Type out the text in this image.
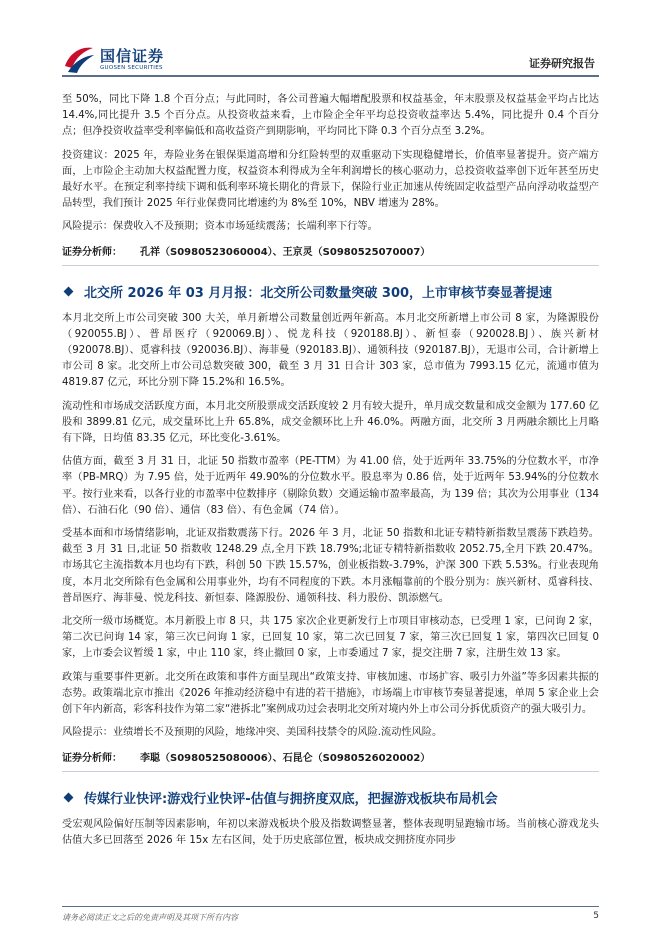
国信证券
GUOSEN SECURITIES	证券研究报告

至 50%，同比下降 1.8 个百分点；与此同时，各公司普遍大幅增配股票和权益基金，年末股票及权益基金平均占比达 14.4%,同比提升 3.5 个百分点。从投资收益来看，上市险企全年平均总投资收益率达 5.4%，同比提升 0.4 个百分点；但净投资收益率受利率偏低和高收益资产到期影响，平均同比下降 0.3 个百分点至 3.2%。

投资建议：2025 年，寿险业务在银保渠道高增和分红险转型的双重驱动下实现稳健增长，价值率显著提升。资产端方面，上市险企主动加大权益配置力度，权益资本利得成为全年利润增长的核心驱动力，总投资收益率创下近年甚至历史最好水平。在预定利率持续下调和低利率环境长期化的背景下，保险行业正加速从传统固定收益型产品向浮动收益型产品转型，我们预计 2025 年行业保费同比增速约为 8%至 10%，NBV 增速为 28%。

风险提示：保费收入不及预期；资本市场延续震荡；长端利率下行等。

证券分析师： 孔祥（S0980523060004）、王京灵（S0980525070007）
北交所 2026 年 03 月月报：北交所公司数量突破 300，上市审核节奏显著提速

本月北交所上市公司突破 300 大关，单月新增公司数量创近两年新高。本月北交所新增上市公司 8 家，为隆源股份（920055.BJ）、普昂医疗（920069.BJ）、悦龙科技（920188.BJ）、新恒泰（920028.BJ）、族兴新材（920078.BJ）、觅睿科技（920036.BJ）、海菲曼（920183.BJ）、通领科技（920187.BJ），无退市公司，合计新增上市公司 8 家。北交所上市公司总数突破 300，截至 3 月 31 日合计 303 家，总市值为 7993.15 亿元，流通市值为 4819.87 亿元，环比分别下降 15.2%和 16.5%。

流动性和市场成交活跃度方面，本月北交所股票成交活跃度较 2 月有较大提升，单月成交数量和成交金额为 177.60 亿股和 3899.81 亿元，成交量环比上升 65.8%，成交金额环比上升 46.0%。两融方面，北交所 3 月两融余额比上月略有下降，日均值 83.35 亿元，环比变化-3.61%。

估值方面，截至 3 月 31 日，北证 50 指数市盈率（PE-TTM）为 41.00 倍，处于近两年 33.75%的分位数水平，市净率（PB-MRQ）为 7.95 倍，处于近两年 49.90%的分位数水平。股息率为 0.86 倍，处于近两年 53.94%的分位数水平。按行业来看，以各行业的市盈率中位数排序（剔除负数）交通运输市盈率最高，为 139 倍；其次为公用事业（134 倍）、石油石化（90 倍）、通信（83 倍）、有色金属（74 倍）。

受基本面和市场情绪影响，北证双指数震荡下行。2026 年 3 月，北证 50 指数和北证专精特新指数呈震荡下跌趋势。截至 3 月 31 日,北证 50 指数收 1248.29 点,全月下跌 18.79%;北证专精特新指数收 2052.75,全月下跌 20.47%。市场其它主流指数本月也均有下跌，科创 50 下跌 15.57%，创业板指数-3.79%，沪深 300 下跌 5.53%。行业表现角度，本月北交所除有色金属和公用事业外，均有不同程度的下跌。本月涨幅靠前的个股分别为：族兴新材、觅睿科技、普昂医疗、海菲曼、悦龙科技、新恒泰、隆源股份、通领科技、科力股份、凯添燃气。

北交所一级市场概览。本月新股上市 8 只，共 175 家次企业更新发行上市项目审核动态，已受理 1 家，已问询 2 家，第二次已问询 14 家，第三次已问询 1 家，已回复 10 家，第二次已回复 7 家，第三次已回复 1 家，第四次已回复 0 家，上市委会议暂缓 1 家，中止 110 家，终止撤回 0 家，上市委通过 7 家，提交注册 7 家，注册生效 13 家。

政策与重要事件更新。北交所在政策和事件方面呈现出“政策支持、审核加速、市场扩容、吸引力外溢”等多因素共振的态势。政策端北京市推出《2026 年推动经济稳中有进的若干措施》，市场端上市审核节奏显著提速，单周 5 家企业上会创下年内新高，彩客科技作为第二家“港拆北”案例成功过会表明北交所对境内外上市公司分拆优质资产的强大吸引力。

风险提示：业绩增长不及预期的风险，地缘冲突、美国科技禁令的风险.流动性风险。

证券分析师： 李聪（S0980525080006）、石昆仑（S0980526020002）
传媒行业快评:游戏行业快评-估值与拥挤度双底，把握游戏板块布局机会

受宏观风险偏好压制等因素影响，年初以来游戏板块个股及指数调整显著，整体表现明显跑输市场。当前核心游戏龙头估值大多已回落至 2026 年 15x 左右区间，处于历史底部位置，板块成交拥挤度亦同步

请务必阅读正文之后的免责声明及其项下所有内容	5
